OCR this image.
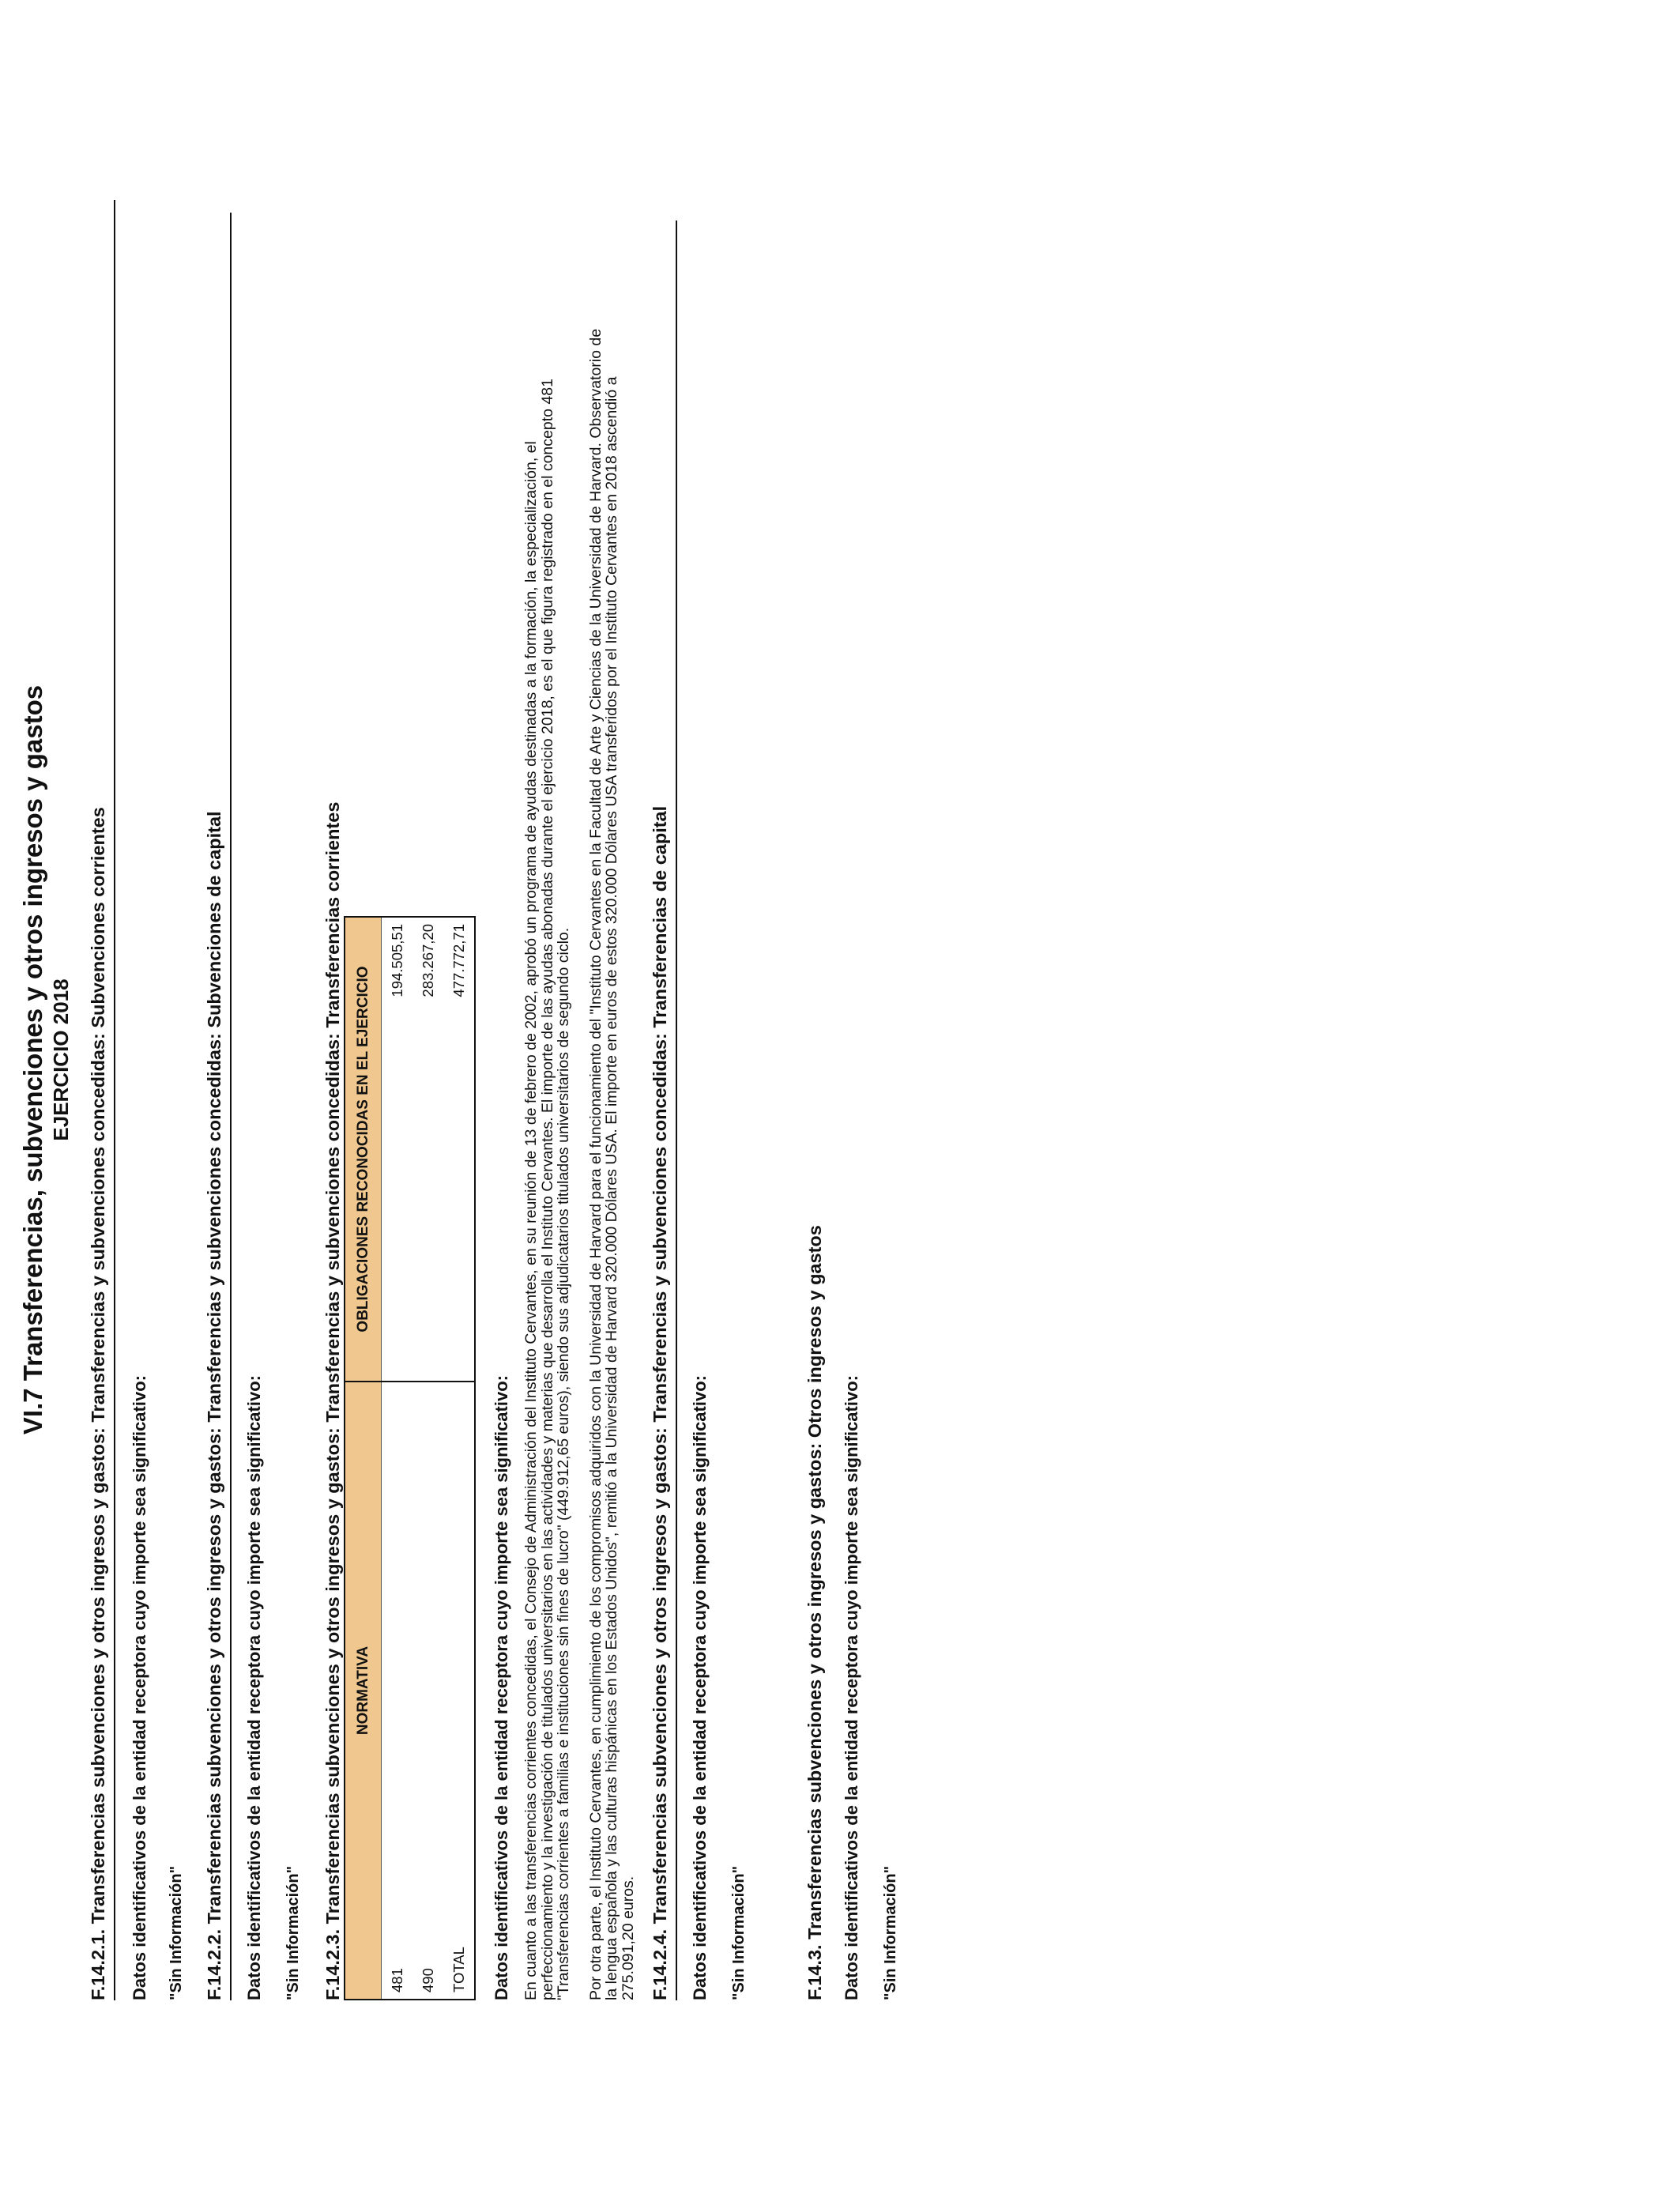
VI.7 Transferencias, subvenciones y otros ingresos y gastos EJERCICIO 2018 F.14.2.1. Transferencias subvenciones y otros ingresos y gastos: Transferencias y subvenciones concedidas: Subvenciones corrientes Datos identificativos de la entidad receptora cuyo importe sea significativo: "Sin Información" F.14.2.2. Transferencias subvenciones y otros ingresos y gastos: Transferencias y subvenciones concedidas: Subvenciones de capital Datos identificativos de la entidad receptora cuyo importe sea significativo: "Sin Información" F.14.2.3. Transferencias subvenciones y otros ingresos y gastos: Transferencias y subvenciones concedidas: Transferencias corrientes NORMATIVA	OBLIGACIONES RECONOCIDAS EN EL EJERCICIO
481	194.505,51
490	283.267,20
TOTAL	477.772,71
Datos identificativos de la entidad receptora cuyo importe sea significativo: En cuanto a las transferencias corrientes concedidas, el Consejo de Administración del Instituto Cervantes, en su reunión de 13 de febrero de 2002, aprobó un programa de ayudas destinadas a la formación, la especialización, el perfeccionamiento y la investigación de titulados universitarios en las actividades y materias que desarrolla el Instituto Cervantes. El importe de las ayudas abonadas durante el ejercicio 2018, es el que figura registrado en el concepto 481 "Transferencias corrientes a familias e instituciones sin fines de lucro" (449.912,65 euros), siendo sus adjudicatarios titulados universitarios de segundo ciclo. Por otra parte, el Instituto Cervantes, en cumplimiento de los compromisos adquiridos con la Universidad de Harvard para el funcionamiento del "Instituto Cervantes en la Facultad de Arte y Ciencias de la Universidad de Harvard. Observatorio de la lengua española y las culturas hispánicas en los Estados Unidos", remitió a la Universidad de Harvard 320.000 Dólares USA. El importe en euros de estos 320.000 Dólares USA transferidos por el Instituto Cervantes en 2018 ascendió a 275.091,20 euros. F.14.2.4. Transferencias subvenciones y otros ingresos y gastos: Transferencias y subvenciones concedidas: Transferencias de capital Datos identificativos de la entidad receptora cuyo importe sea significativo: "Sin Información"	F.14.3. Transferencias subvenciones y otros ingresos y gastos: Otros ingresos y gastos Datos identificativos de la entidad receptora cuyo importe sea significativo: "Sin Información"
